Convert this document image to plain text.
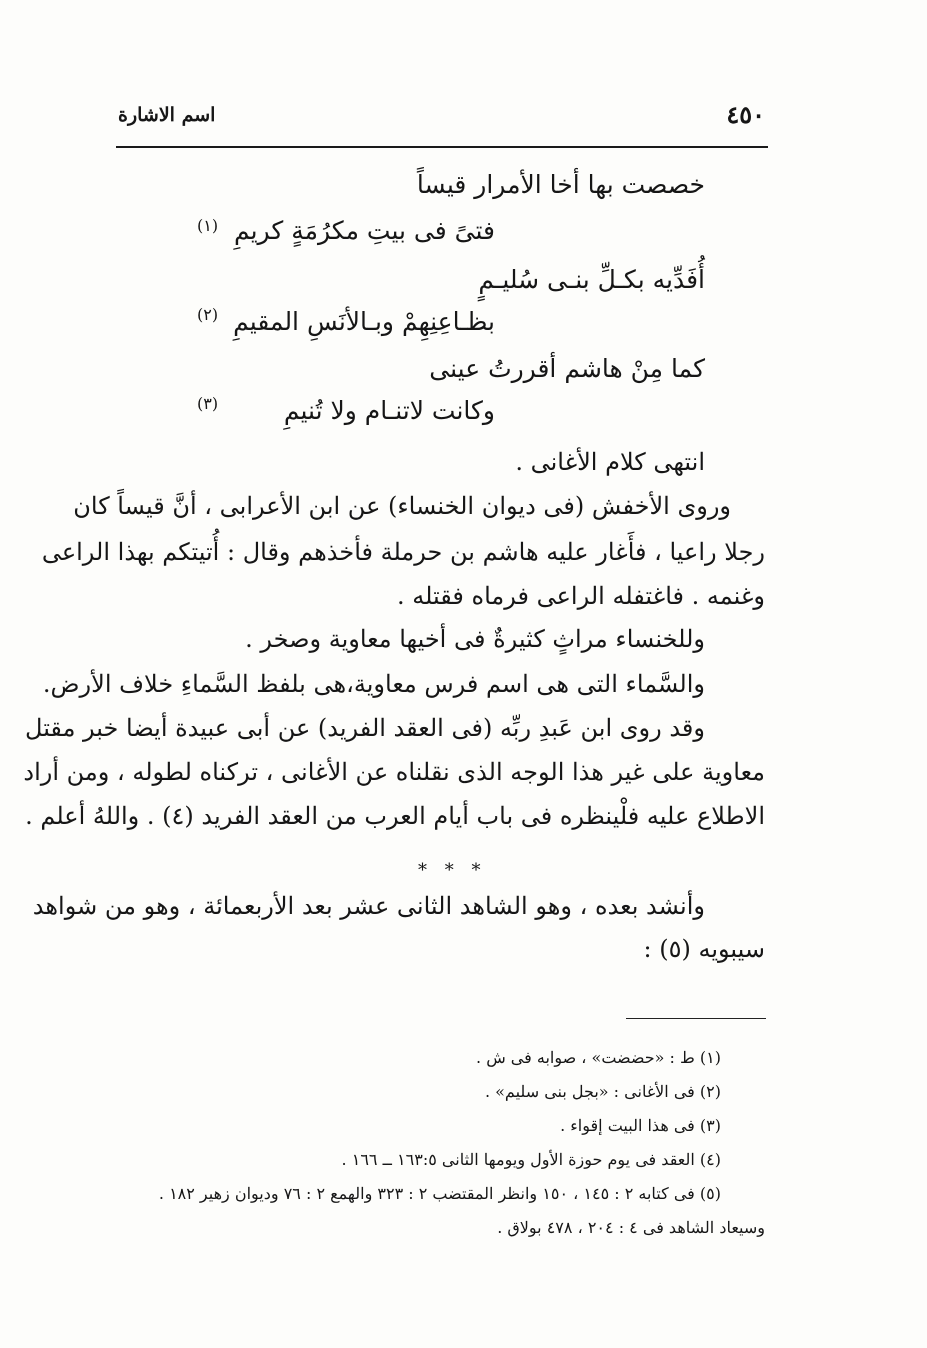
٤٥٠
اسم الاشارة
خصصت بها أخا الأمرار قيساً
فتىً فى بيتِ مكرُمَةٍ كريمِ
(١)
أُفَدِّيه بكـلِّ بنـى سُليـمٍ
بظـاعِنِهِمْ وبـالأنَسِ المقيمِ
(٢)
كما مِنْ هاشم أقررتُ عينى
وكانت لاتنـام ولا تُنيمِ
(٣)
انتهى كلام الأغانى .
وروى الأخفش (فى ديوان الخنساء) عن ابن الأعرابى ، أنَّ قيساً كان
رجلا راعيا ، فأَغار عليه هاشم بن حرملة فأخذهم وقال : أُتيتكم بهذا الراعى
وغنمه . فاغتفله الراعى فرماه فقتله .
وللخنساء مراثٍ كثيرةٌ فى أخيها معاوية وصخر .
والسَّماء التى هى اسم فرس معاوية،هى بلفظ السَّماءِ خلاف الأرض.
وقد روى ابن عَبدِ ربِّه (فى العقد الفريد) عن أبى عبيدة أيضا خبر مقتل
معاوية على غير هذا الوجه الذى نقلناه عن الأغانى ، تركناه لطوله ، ومن أراد
الاطلاع عليه فلْينظره فى باب أيام العرب من العقد الفريد (٤) . واللهُ أعلم .
* * *
وأنشد بعده ، وهو الشاهد الثانى عشر بعد الأربعمائة ، وهو من شواهد
سيبويه (٥) :
(١) ط : «حضضت» ، صوابه فى ش .
(٢) فى الأغانى : «بجل بنى سليم» .
(٣) فى هذا البيت إقواء .
(٤) العقد فى يوم حوزة الأول ويومها الثانى ١٦٣:٥ ــ ١٦٦ .
(٥) فى كتابه ٢ : ١٤٥ ، ١٥٠ وانظر المقتضب ٢ : ٣٢٣ والهمع ٢ : ٧٦ وديوان زهير ١٨٢ .
وسيعاد الشاهد فى ٤ : ٢٠٤ ، ٤٧٨ بولاق .
